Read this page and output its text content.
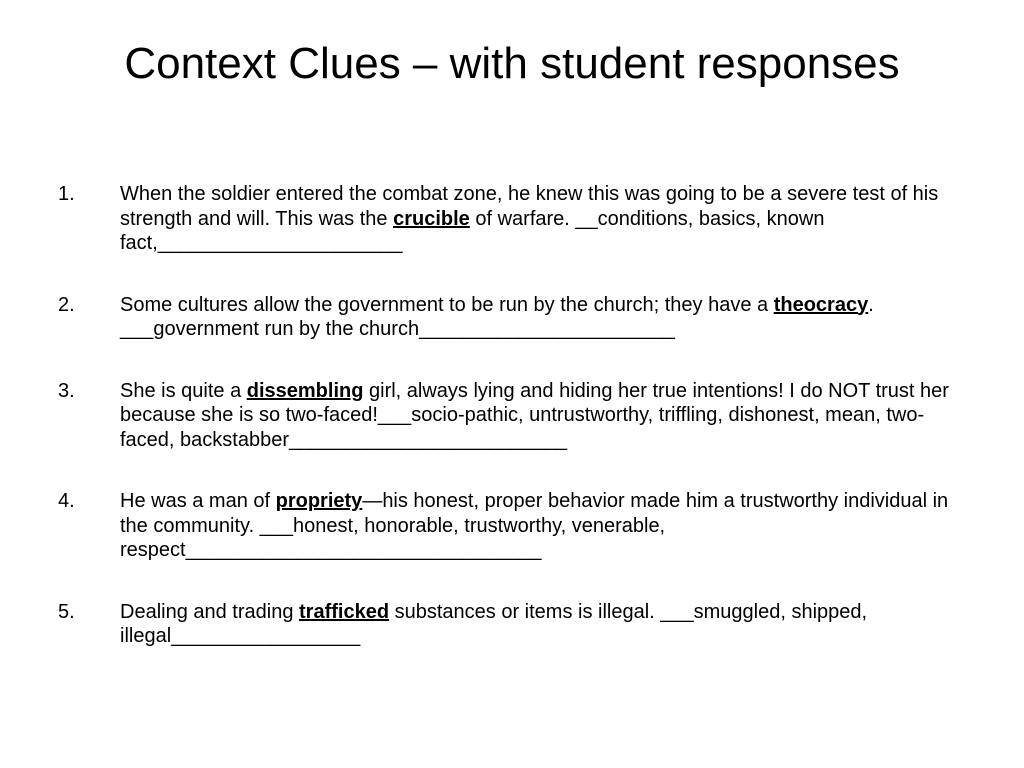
Context Clues – with student responses
1. When the soldier entered the combat zone, he knew this was going to be a severe test of his strength and will. This was the crucible of warfare. __conditions, basics, known fact,______________________
2. Some cultures allow the government to be run by the church; they have a theocracy. ___government run by the church_______________________
3. She is quite a dissembling girl, always lying and hiding her true intentions! I do NOT trust her because she is so two-faced!___socio-pathic, untrustworthy, triffling, dishonest, mean, two-faced, backstabber_________________________
4. He was a man of propriety—his honest, proper behavior made him a trustworthy individual in the community. ___honest, honorable, trustworthy, venerable, respect________________________________
5. Dealing and trading trafficked substances or items is illegal. ___smuggled, shipped, illegal_________________
